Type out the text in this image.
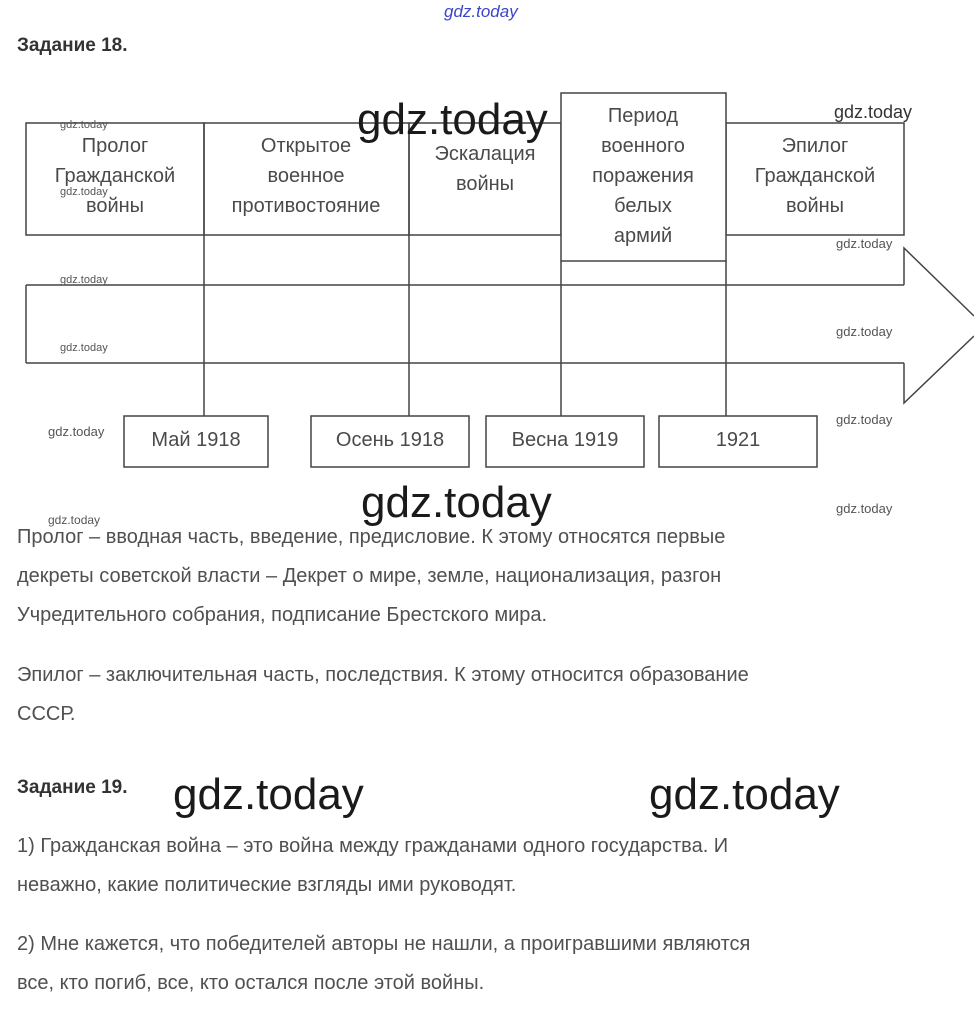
gdz.today
Задание 18.
Пролог
Гражданской
войны
Открытое
военное
противостояние
Эскалация
войны
Период
военного
поражения
белых
армий
Эпилог
Гражданской
войны
Май 1918	Осень 1918	Весна 1919	1921
gdz.today
gdz.today
gdz.today
gdz.today
gdz.today
gdz.today
gdz.today
gdz.today
gdz.today
gdz.today
gdz.today
gdz.today
gdz.today
Пролог – вводная часть, введение, предисловие. К этому относятся первые
декреты советской власти – Декрет о мире, земле, национализация, разгон
Учредительного собрания, подписание Брестского мира.
Эпилог – заключительная часть, последствия. К этому относится образование
СССР.
Задание 19. gdz.today	gdz.today
1) Гражданская война – это война между гражданами одного государства. И
неважно, какие политические взгляды ими руководят.
2) Мне кажется, что победителей авторы не нашли, а проигравшими являются
все, кто погиб, все, кто остался после этой войны.
